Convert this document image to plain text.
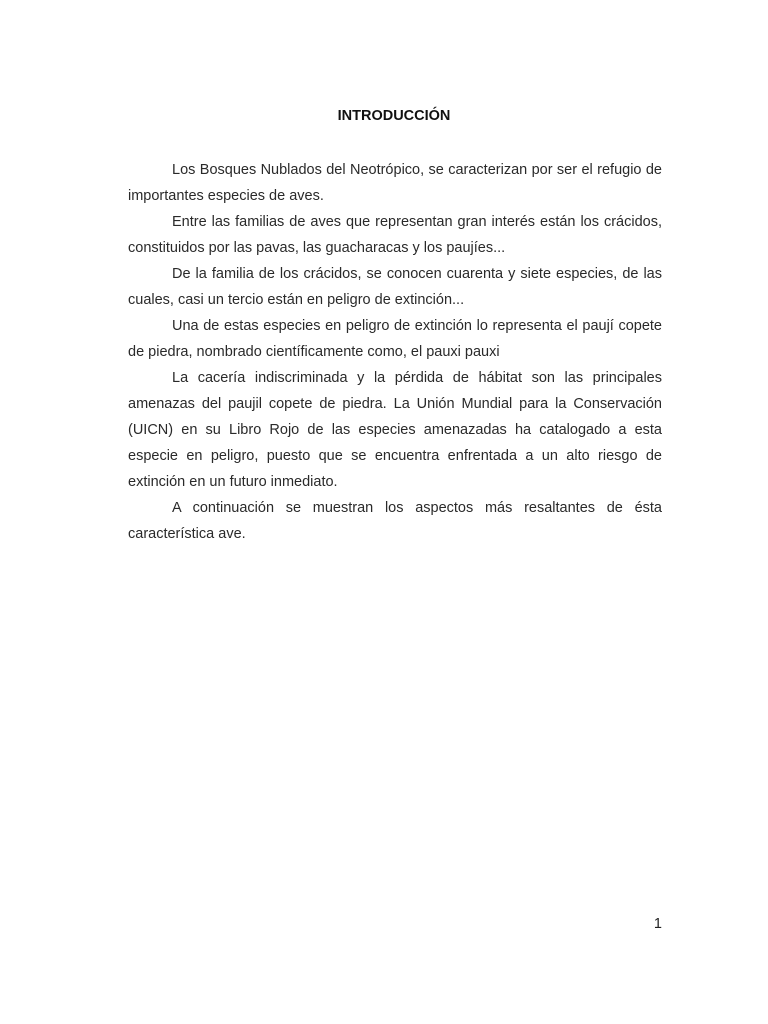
INTRODUCCIÓN

Los Bosques Nublados del Neotrópico, se caracterizan por ser el refugio de importantes especies de aves.

Entre las familias de aves que representan gran interés están los crácidos, constituidos por las pavas, las guacharacas y los paujíes...

De la familia de los crácidos, se conocen cuarenta y siete especies, de las cuales, casi un tercio están en peligro de extinción...

Una de estas especies en peligro de extinción lo representa el paují copete de piedra, nombrado científicamente como, el pauxi pauxi

La cacería indiscriminada y la pérdida de hábitat son las principales amenazas del paujil copete de piedra. La Unión Mundial para la Conservación (UICN) en su Libro Rojo de las especies amenazadas ha catalogado a esta especie en peligro, puesto que se encuentra enfrentada a un alto riesgo de extinción en un futuro inmediato.

A continuación se muestran los aspectos más resaltantes de ésta característica ave.

1
